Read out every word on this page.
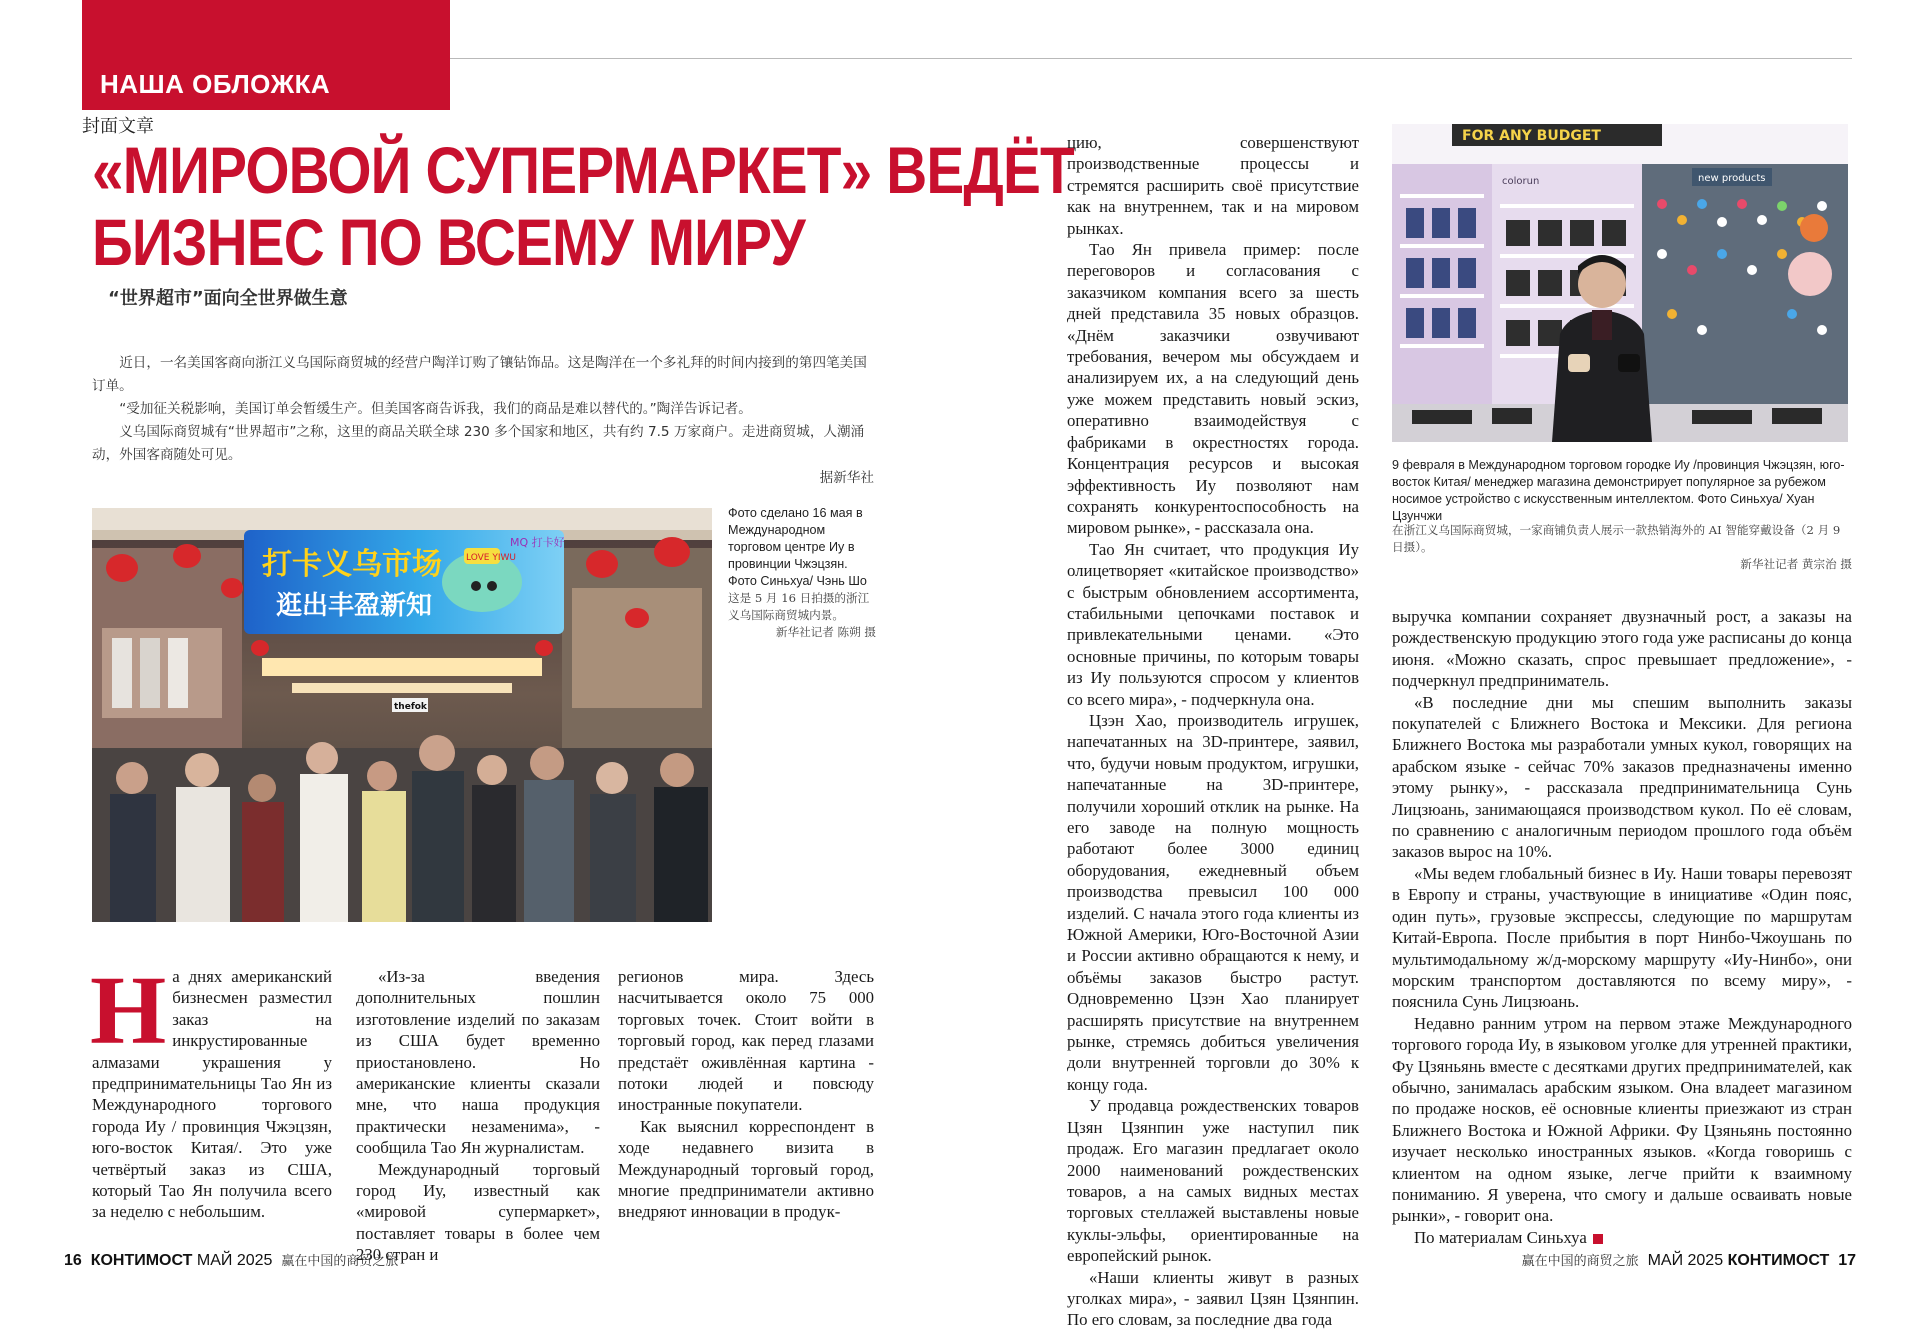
НАША ОБЛОЖКА
封面文章
«МИРОВОЙ СУПЕРМАРКЕТ» ВЕДЁТ
БИЗНЕС ПО ВСЕМУ МИРУ
“世界超市”面向全世界做生意

近日，一名美国客商向浙江义乌国际商贸城的经营户陶洋订购了镶钻饰品。这是陶洋在一个多礼拜的时间内接到的第四笔美国订单。

“受加征关税影响，美国订单会暂缓生产。但美国客商告诉我，我们的商品是难以替代的。”陶洋告诉记者。

义乌国际商贸城有“世界超市”之称，这里的商品关联全球 230 多个国家和地区，共有约 7.5 万家商户。走进商贸城，人潮涌动，外国客商随处可见。

据新华社

打卡义乌市场
逛出丰盈新知
LOVE YIWU
MQ 打卡好
thefok
Фото сделано 16 мая в Международном торговом центре Иу в провинции Чжэцзян. Фото Синьхуа/ Чэнь Шо
这是 5 月 16 日拍摄的浙江义乌国际商贸城内景。
新华社记者 陈朔 摄
FOR ANY BUDGET
colorun	new products
9 февраля в Международном торговом городке Иу /провинция Чжэцзян, юго-восток Китая/ менеджер магазина демонстрирует популярное за рубежом носимое устройство с искусственным интеллектом. Фото Синьхуа/ Хуан Цзунчжи
在浙江义乌国际商贸城，一家商铺负责人展示一款热销海外的 AI 智能穿戴设备（2 月 9 日摄）。
新华社记者 黄宗治 摄

На днях американский бизнесмен разместил заказ на инкрустированные алмазами украшения у предпринимательницы Тао Ян из Международного торгового города Иу / провинция Чжэцзян, юго-восток Китая/. Это уже четвёртый заказ из США, который Тао Ян получила всего за неделю с небольшим.

«Из-за введения дополнительных пошлин изготовление изделий по заказам из США будет временно приостановлено. Но американские клиенты сказали мне, что наша продукция практически незаменима», - сообщила Тао Ян журналистам.

Международный торговый город Иу, известный как «мировой супермаркет», поставляет товары в более чем 230 стран и

регионов мира. Здесь насчитывается около 75 000 торговых точек. Стоит войти в торговый город, как перед глазами предстаёт оживлённая картина - потоки людей и повсюду иностранные покупатели.

Как выяснил корреспондент в ходе недавнего визита в Международный торговый город, многие предприниматели активно внедряют инновации в продук-

цию, совершенствуют производственные процессы и стремятся расширить своё присутствие как на внутреннем, так и на мировом рынках.

Тао Ян привела пример: после переговоров и согласования с заказчиком компания всего за шесть дней представила 35 новых образцов. «Днём заказчики озвучивают требования, вечером мы обсуждаем и анализируем их, а на следующий день уже можем представить новый эскиз, оперативно взаимодействуя с фабриками в окрестностях города. Концентрация ресурсов и высокая эффективность Иу позволяют нам сохранять конкурентоспособность на мировом рынке», - рассказала она.

Тао Ян считает, что продукция Иу олицетворяет «китайское производство» с быстрым обновлением ассортимента, стабильными цепочками поставок и привлекательными ценами. «Это основные причины, по которым товары из Иу пользуются спросом у клиентов со всего мира», - подчеркнула она.

Цзэн Хао, производитель игрушек, напечатанных на 3D-принтере, заявил, что, будучи новым продуктом, игрушки, напечатанные на 3D-принтере, получили хороший отклик на рынке. На его заводе на полную мощность работают более 3000 единиц оборудования, ежедневный объем производства превысил 100 000 изделий. С начала этого года клиенты из Южной Америки, Юго-Восточной Азии и России активно обращаются к нему, и объёмы заказов быстро растут. Одновременно Цзэн Хао планирует расширять присутствие на внутреннем рынке, стремясь добиться увеличения доли внутренней торговли до 30% к концу года.

У продавца рождественских товаров Цзян Цзянпин уже наступил пик продаж. Его магазин предлагает около 2000 наименований рождественских товаров, а на самых видных местах торговых стеллажей выставлены новые куклы-эльфы, ориентированные на европейский рынок.

«Наши клиенты живут в разных уголках мира», - заявил Цзян Цзянпин. По его словам, за последние два года

выручка компании сохраняет двузначный рост, а заказы на рождественскую продукцию этого года уже расписаны до конца июня. «Можно сказать, спрос превышает предложение», - подчеркнул предприниматель.

«В последние дни мы спешим выполнить заказы покупателей с Ближнего Востока и Мексики. Для региона Ближнего Востока мы разработали умных кукол, говорящих на арабском языке - сейчас 70% заказов предназначены именно этому рынку», - рассказала предпринимательница Сунь Лицзюань, занимающаяся производством кукол. По её словам, по сравнению с аналогичным периодом прошлого года объём заказов вырос на 10%.

«Мы ведем глобальный бизнес в Иу. Наши товары перевозят в Европу и страны, участвующие в инициативе «Один пояс, один путь», грузовые экспрессы, следующие по маршрутам Китай-Европа. После прибытия в порт Нинбо-Чжоушань по мультимодальному ж/д-морскому маршруту «Иу-Нинбо», они морским транспортом доставляются по всему миру», - пояснила Сунь Лицзюань.

Недавно ранним утром на первом этаже Международного торгового города Иу, в языковом уголке для утренней практики, Фу Цзяньянь вместе с десятками других предпринимателей, как обычно, занималась арабским языком. Она владеет магазином по продаже носков, её основные клиенты приезжают из стран Ближнего Востока и Южной Африки. Фу Цзяньянь постоянно изучает несколько иностранных языков. «Когда говоришь с клиентом на одном языке, легче прийти к взаимному пониманию. Я уверена, что смогу и дальше осваивать новые рынки», - говорит она.

По материалам Синьхуа

16 КОНТИМОСТ МАЙ 2025 赢在中国的商贸之旅	赢在中国的商贸之旅 МАЙ 2025 КОНТИМОСТ 17
